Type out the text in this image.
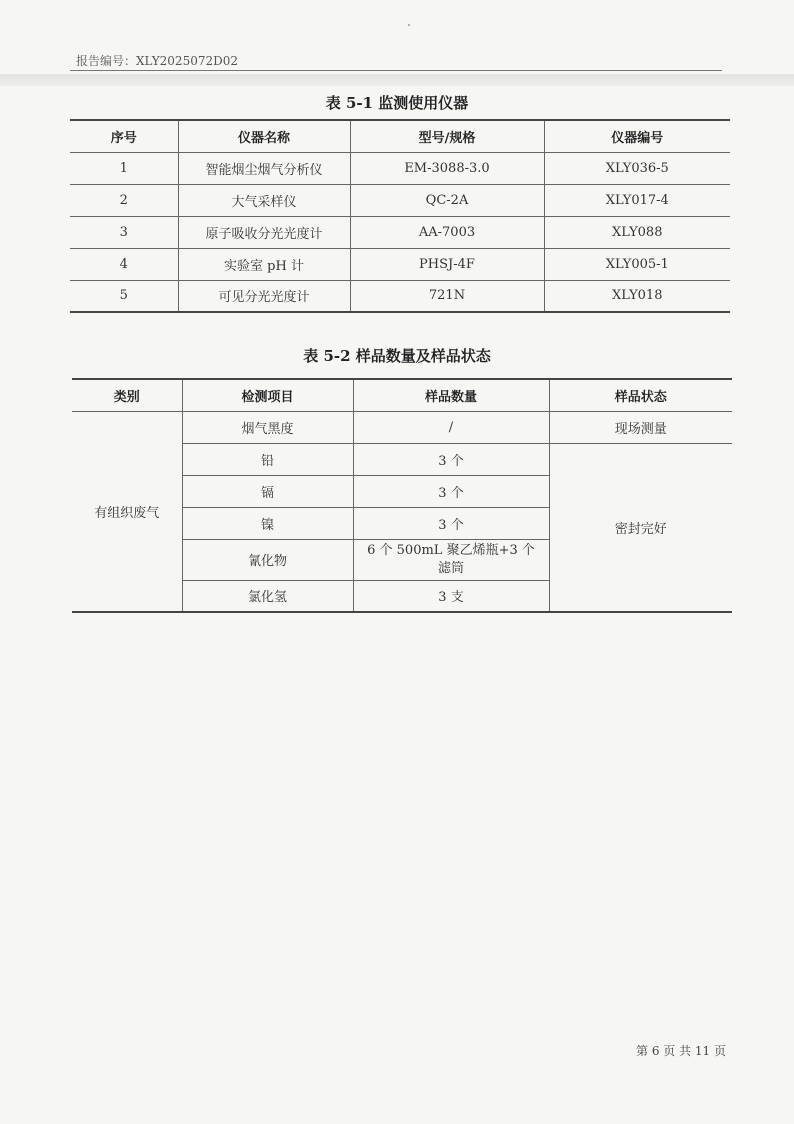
报告编号：XLY2025072D02
表 5-1 监测使用仪器
序号	仪器名称	型号/规格	仪器编号
1	智能烟尘烟气分析仪	EM-3088-3.0	XLY036-5
2	大气采样仪	QC-2A	XLY017-4
3	原子吸收分光光度计	AA-7003	XLY088
4	实验室 pH 计	PHSJ-4F	XLY005-1
5	可见分光光度计	721N	XLY018
表 5-2 样品数量及样品状态
类别	检测项目	样品数量	样品状态
有组织废气	烟气黑度	/	现场测量
	铅	3 个	密封完好
	镉	3 个	
	镍	3 个	
	氰化物	6 个 500mL 聚乙烯瓶+3 个滤筒	
	氯化氢	3 支	
第 6 页 共 11 页
